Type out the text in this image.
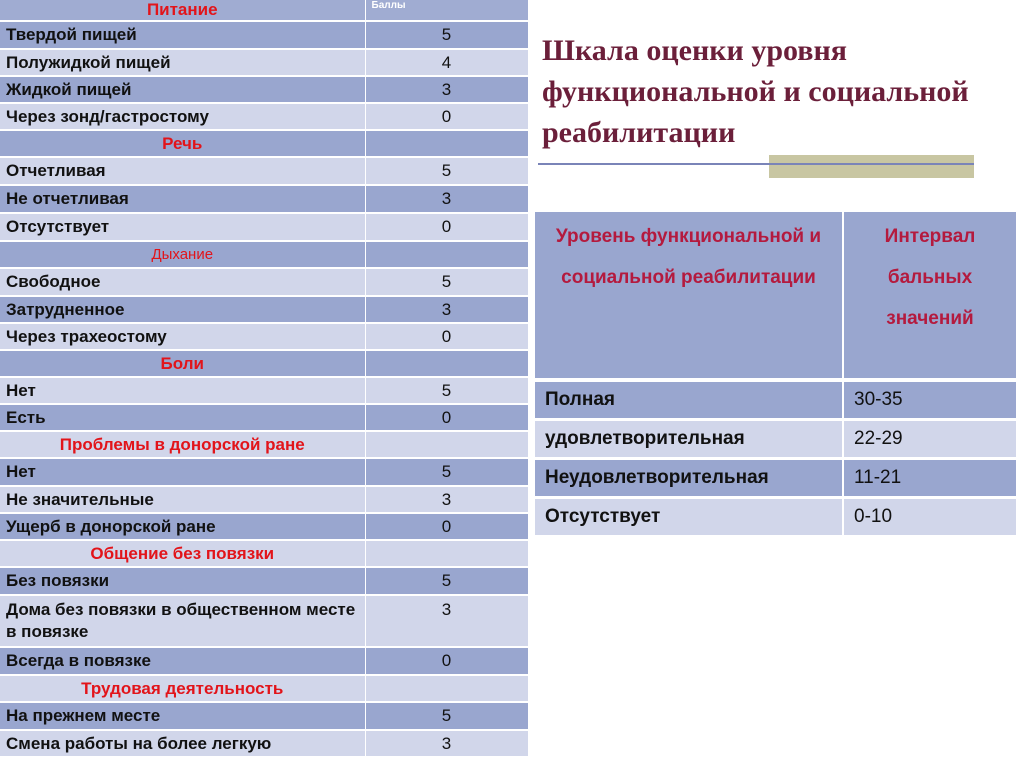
Питание	Баллы
Твердой пищей	5
Полужидкой пищей	4
Жидкой пищей	3
Через зонд/гастростому	0
Речь	
Отчетливая	5
Не отчетливая	3
Отсутствует	0
Дыхание	
Свободное	5
Затрудненное	3
Через трахеостому	0
Боли	
Нет	5
Есть	0
Проблемы в донорской ране	
Нет	5
Не значительные	3
Ущерб в донорской ране	0
Общение без повязки	
Без повязки	5
Дома без повязки в общественном месте в повязке	3
Всегда в повязке	0
Трудовая деятельность	
На прежнем месте	5
Смена работы на более легкую	3
Шкала оценки уровня
функциональной и социальной
реабилитации
Уровень функциональной и социальной реабилитации	Интервал бальных значений
Полная	30-35
удовлетворительная	22-29
Неудовлетворительная	11-21
Отсутствует	0-10
